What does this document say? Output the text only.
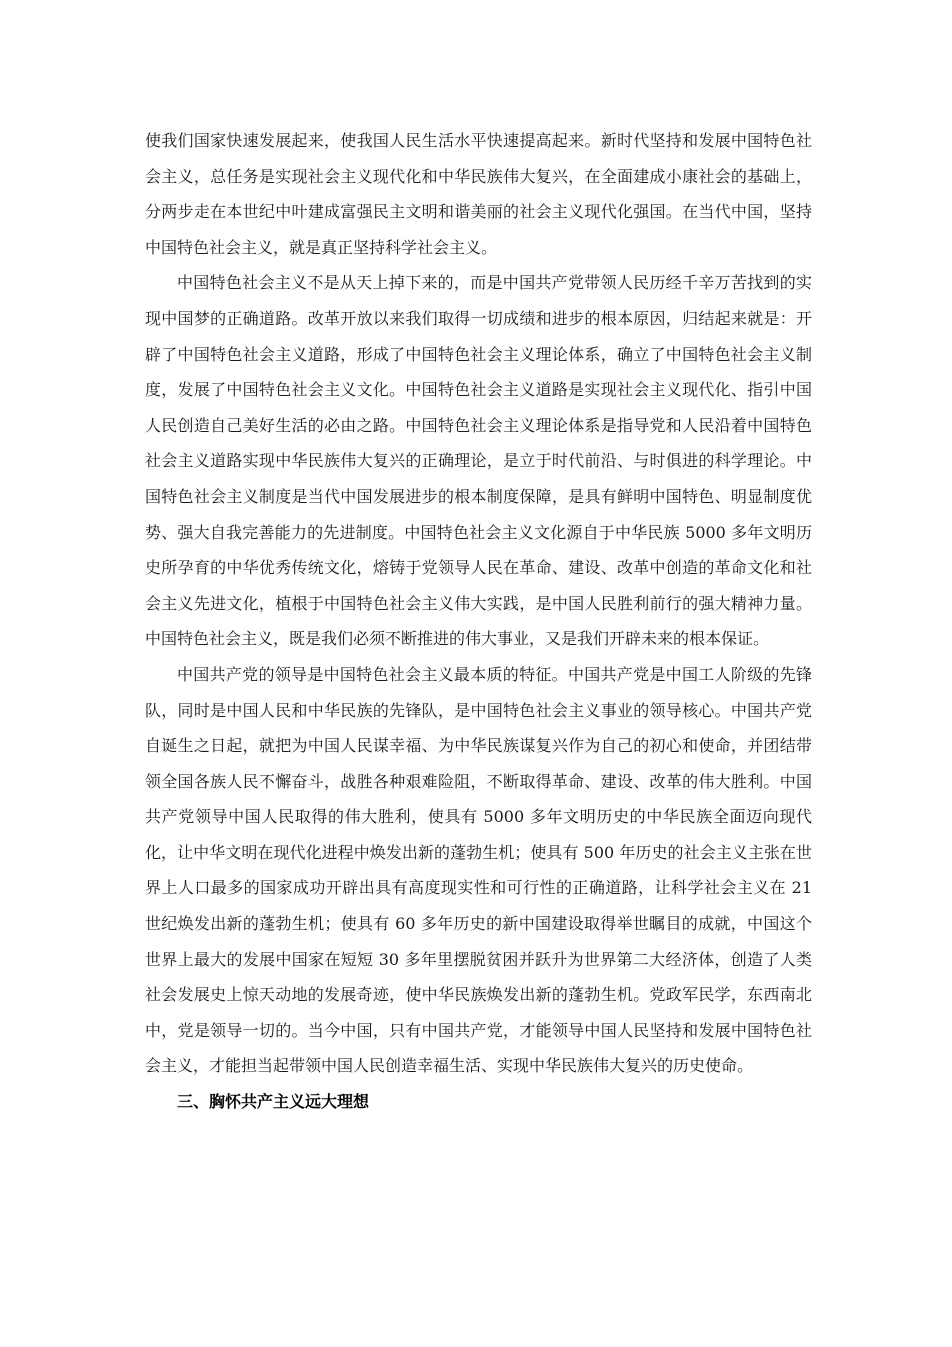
使我们国家快速发展起来，使我国人民生活水平快速提高起来。新时代坚持和发展中国特色社会主义，总任务是实现社会主义现代化和中华民族伟大复兴，在全面建成小康社会的基础上，分两步走在本世纪中叶建成富强民主文明和谐美丽的社会主义现代化强国。在当代中国，坚持中国特色社会主义，就是真正坚持科学社会主义。

中国特色社会主义不是从天上掉下来的，而是中国共产党带领人民历经千辛万苦找到的实现中国梦的正确道路。改革开放以来我们取得一切成绩和进步的根本原因，归结起来就是：开辟了中国特色社会主义道路，形成了中国特色社会主义理论体系，确立了中国特色社会主义制度，发展了中国特色社会主义文化。中国特色社会主义道路是实现社会主义现代化、指引中国人民创造自己美好生活的必由之路。中国特色社会主义理论体系是指导党和人民沿着中国特色社会主义道路实现中华民族伟大复兴的正确理论，是立于时代前沿、与时俱进的科学理论。中国特色社会主义制度是当代中国发展进步的根本制度保障，是具有鲜明中国特色、明显制度优势、强大自我完善能力的先进制度。中国特色社会主义文化源自于中华民族 5000 多年文明历史所孕育的中华优秀传统文化，熔铸于党领导人民在革命、建设、改革中创造的革命文化和社会主义先进文化，植根于中国特色社会主义伟大实践，是中国人民胜利前行的强大精神力量。中国特色社会主义，既是我们必须不断推进的伟大事业，又是我们开辟未来的根本保证。

中国共产党的领导是中国特色社会主义最本质的特征。中国共产党是中国工人阶级的先锋队，同时是中国人民和中华民族的先锋队，是中国特色社会主义事业的领导核心。中国共产党自诞生之日起，就把为中国人民谋幸福、为中华民族谋复兴作为自己的初心和使命，并团结带领全国各族人民不懈奋斗，战胜各种艰难险阻，不断取得革命、建设、改革的伟大胜利。中国共产党领导中国人民取得的伟大胜利，使具有 5000 多年文明历史的中华民族全面迈向现代化，让中华文明在现代化进程中焕发出新的蓬勃生机；使具有 500 年历史的社会主义主张在世界上人口最多的国家成功开辟出具有高度现实性和可行性的正确道路，让科学社会主义在 21 世纪焕发出新的蓬勃生机；使具有 60 多年历史的新中国建设取得举世瞩目的成就，中国这个世界上最大的发展中国家在短短 30 多年里摆脱贫困并跃升为世界第二大经济体，创造了人类社会发展史上惊天动地的发展奇迹，使中华民族焕发出新的蓬勃生机。党政军民学，东西南北中，党是领导一切的。当今中国，只有中国共产党，才能领导中国人民坚持和发展中国特色社会主义，才能担当起带领中国人民创造幸福生活、实现中华民族伟大复兴的历史使命。

三、胸怀共产主义远大理想
